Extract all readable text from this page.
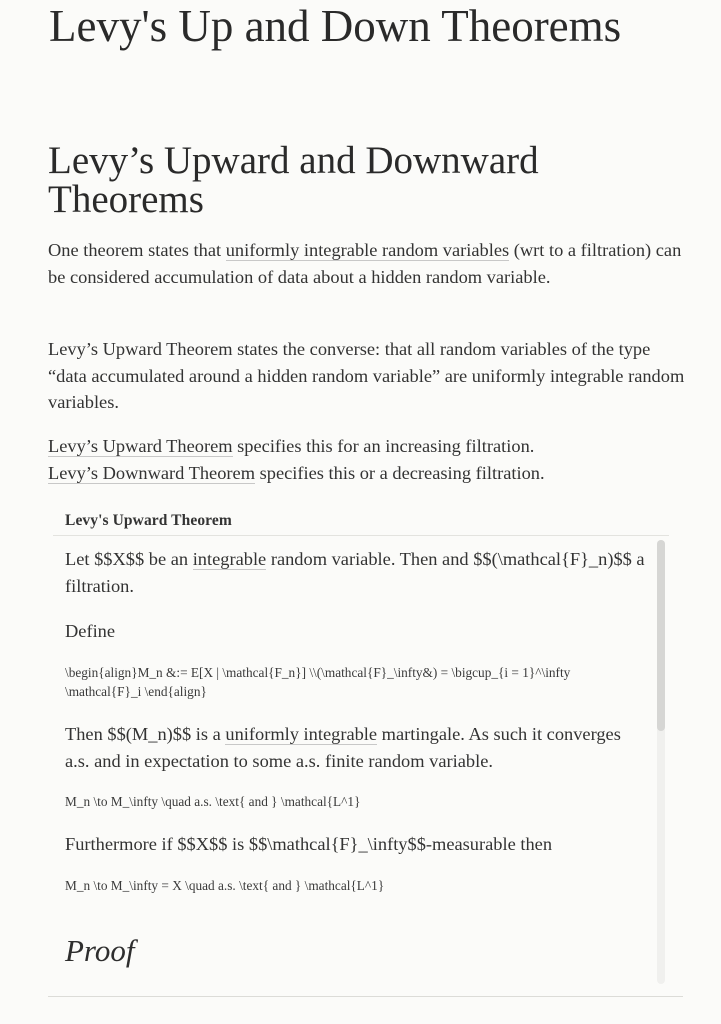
Levy's Up and Down Theorems
Levy’s Upward and Downward Theorems

One theorem states that uniformly integrable random variables (wrt to a filtration) can be considered accumulation of data about a hidden random variable.

Levy’s Upward Theorem states the converse: that all random variables of the type “data accumulated around a hidden random variable” are uniformly integrable random variables.

Levy’s Upward Theorem specifies this for an increasing filtration.
Levy’s Downward Theorem specifies this or a decreasing filtration.

Levy's Upward Theorem

Let $$X$$ be an integrable random variable. Then and $$(\mathcal{F}_n)$$ a filtration.

Define

\begin{align}M_n &:= E[X | \mathcal{F_n}] \\(\mathcal{F}_\infty&) = \bigcup_{i = 1}^\infty \mathcal{F}_i \end{align}

Then $$(M_n)$$ is a uniformly integrable martingale. As such it converges a.s. and in expectation to some a.s. finite random variable.

M_n \to M_\infty \quad a.s. \text{ and } \mathcal{L^1}

Furthermore if $$X$$ is $$\mathcal{F}_\infty$$-measurable then

M_n \to M_\infty = X \quad a.s. \text{ and } \mathcal{L^1}

Proof
